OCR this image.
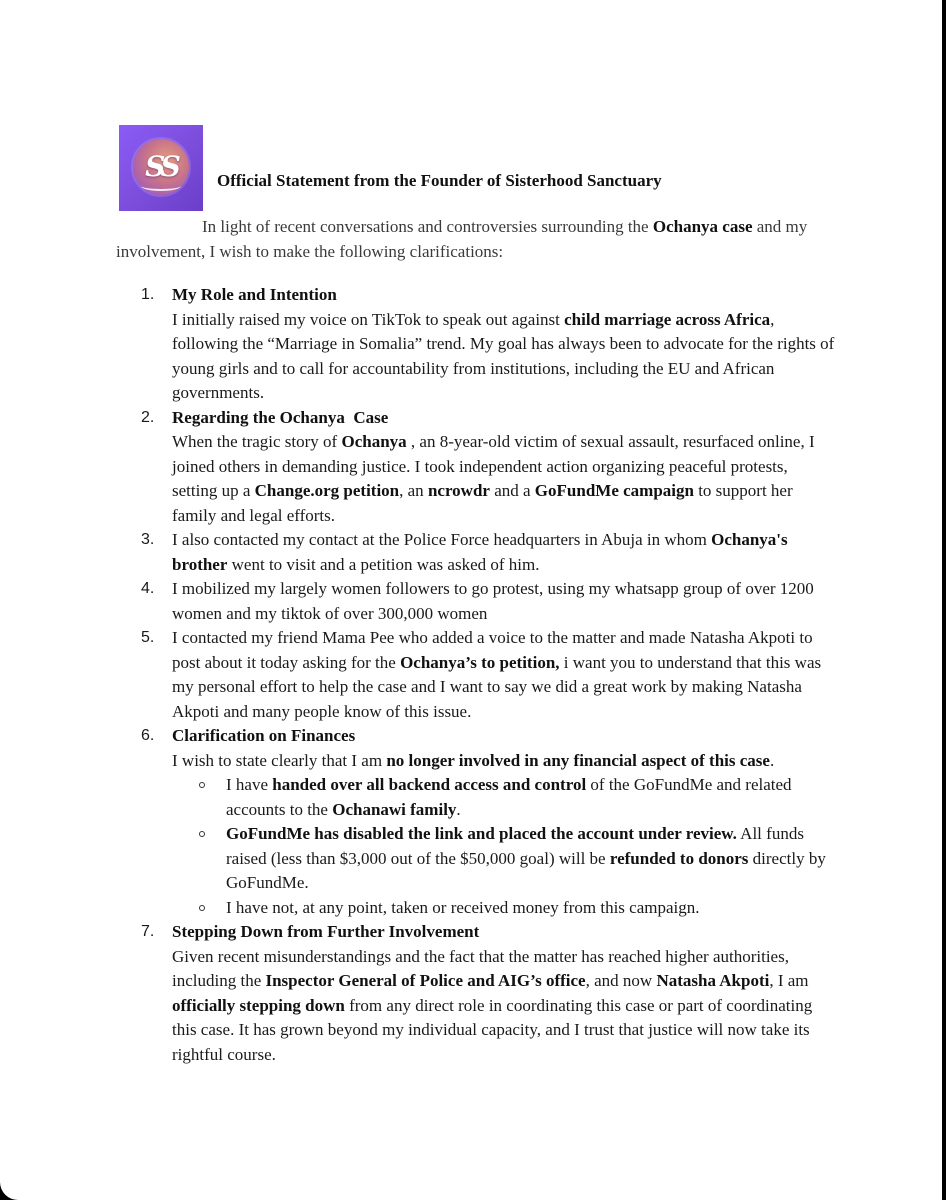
SS	Official Statement from the Founder of Sisterhood Sanctuary
In light of recent conversations and controversies surrounding the Ochanya case and my involvement, I wish to make the following clarifications:
1.	My Role and Intention
I initially raised my voice on TikTok to speak out against child marriage across Africa, following the “Marriage in Somalia” trend. My goal has always been to advocate for the rights of young girls and to call for accountability from institutions, including the EU and African governments.
2.	Regarding the Ochanya  Case
When the tragic story of Ochanya , an 8-year-old victim of sexual assault, resurfaced online, I joined others in demanding justice. I took independent action organizing peaceful protests, setting up a Change.org petition, an ncrowdr and a GoFundMe campaign to support her family and legal efforts.
3.	I also contacted my contact at the Police Force headquarters in Abuja in whom Ochanya's brother went to visit and a petition was asked of him.
4.	I mobilized my largely women followers to go protest, using my whatsapp group of over 1200 women and my tiktok of over 300,000 women
5.	I contacted my friend Mama Pee who added a voice to the matter and made Natasha Akpoti to post about it today asking for the Ochanya’s to petition, i want you to understand that this was my personal effort to help the case and I want to say we did a great work by making Natasha Akpoti and many people know of this issue.
6.	Clarification on Finances
I wish to state clearly that I am no longer involved in any financial aspect of this case.
I have handed over all backend access and control of the GoFundMe and related accounts to the Ochanawi family.
GoFundMe has disabled the link and placed the account under review. All funds raised (less than $3,000 out of the $50,000 goal) will be refunded to donors directly by GoFundMe.
I have not, at any point, taken or received money from this campaign.
7.	Stepping Down from Further Involvement
Given recent misunderstandings and the fact that the matter has reached higher authorities, including the Inspector General of Police and AIG’s office, and now Natasha Akpoti, I am officially stepping down from any direct role in coordinating this case or part of coordinating this case. It has grown beyond my individual capacity, and I trust that justice will now take its rightful course.
